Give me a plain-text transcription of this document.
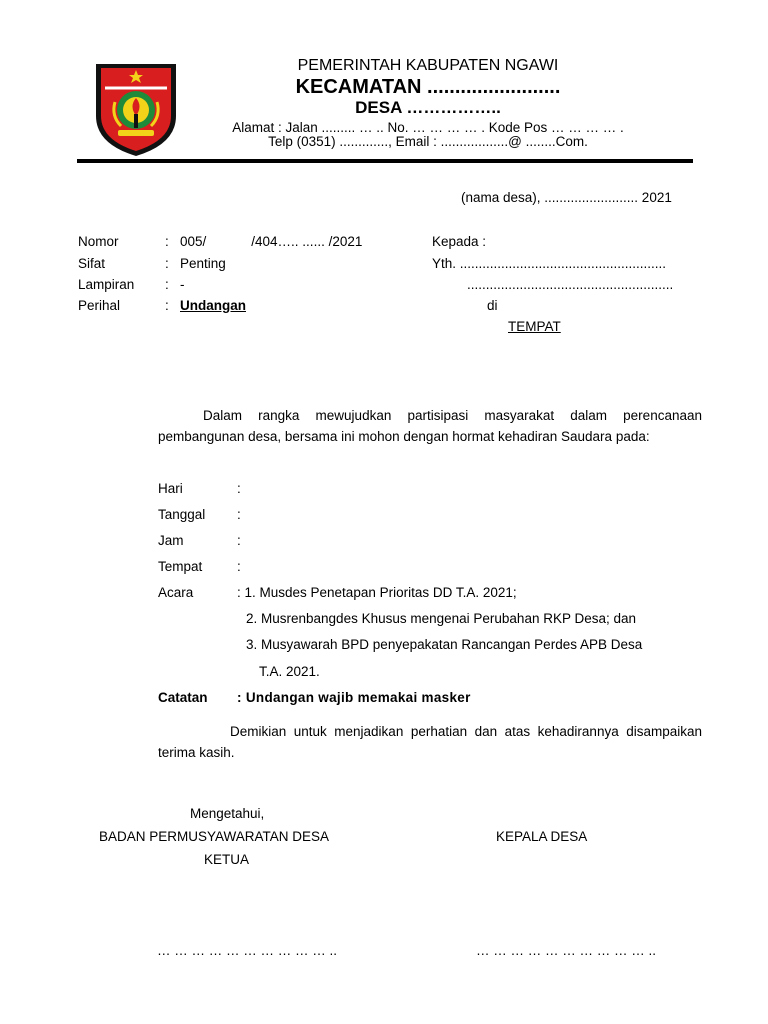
PEMERINTAH KABUPATEN NGAWI
KECAMATAN ........................
DESA ……………..
Alamat : Jalan ......... … .. No. … … … … . Kode Pos … … … … .
Telp (0351) ............., Email : ..................@ ........Com.
(nama desa), ......................... 2021
Nomor	: 005/            /404….. ...... /2021
Sifat	: Penting
Lampiran : -
Perihal	: Undangan
Kepada :
Yth. .......................................................
.......................................................
di
TEMPAT
Dalam rangka mewujudkan partisipasi masyarakat dalam perencanaan pembangunan desa, bersama ini mohon dengan hormat kehadiran Saudara pada:
Hari	:
Tanggal :
Jam	:
Tempat	:
Acara	: 1. Musdes Penetapan Prioritas DD T.A. 2021;
2. Musrenbangdes Khusus mengenai Perubahan RKP Desa; dan
3. Musyawarah BPD penyepakatan Rancangan Perdes APB Desa
T.A. 2021.
Catatan : Undangan wajib memakai masker
Demikian untuk menjadikan perhatian dan atas kehadirannya disampaikan terima kasih.
Mengetahui,
BADAN PERMUSYAWARATAN DESA
KETUA
KEPALA DESA
… … … … … … … … … … ..	… … … … … … … … … … ..
